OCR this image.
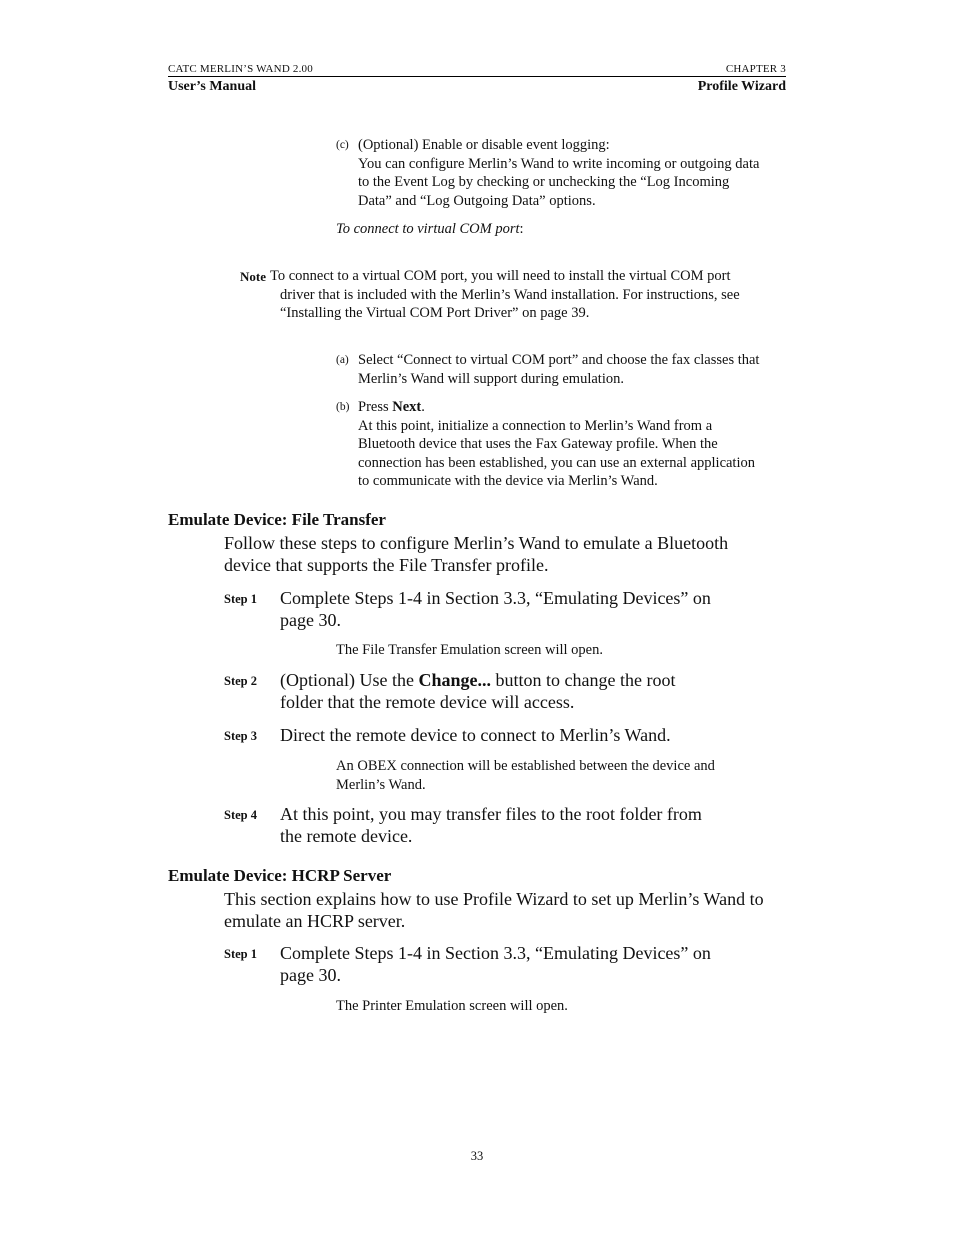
CATC MERLIN’S WAND 2.00	CHAPTER 3
User’s Manual	Profile Wizard
(c) (Optional) Enable or disable event logging:
You can configure Merlin’s Wand to write incoming or outgoing data
to the Event Log by checking or unchecking the “Log Incoming
Data” and “Log Outgoing Data” options.
To connect to virtual COM port:
Note To connect to a virtual COM port, you will need to install the virtual COM port
driver that is included with the Merlin’s Wand installation. For instructions, see
“Installing the Virtual COM Port Driver” on page 39.
(a) Select “Connect to virtual COM port” and choose the fax classes that
Merlin’s Wand will support during emulation.
(b) Press Next.
At this point, initialize a connection to Merlin’s Wand from a
Bluetooth device that uses the Fax Gateway profile. When the
connection has been established, you can use an external application
to communicate with the device via Merlin’s Wand.
Emulate Device: File Transfer
Follow these steps to configure Merlin’s Wand to emulate a Bluetooth
device that supports the File Transfer profile.
Step 1 Complete Steps 1-4 in Section 3.3, “Emulating Devices” on
page 30.
The File Transfer Emulation screen will open.
Step 2 (Optional) Use the Change... button to change the root
folder that the remote device will access.
Step 3 Direct the remote device to connect to Merlin’s Wand.
An OBEX connection will be established between the device and
Merlin’s Wand.
Step 4 At this point, you may transfer files to the root folder from
the remote device.
Emulate Device: HCRP Server
This section explains how to use Profile Wizard to set up Merlin’s Wand to
emulate an HCRP server.
Step 1 Complete Steps 1-4 in Section 3.3, “Emulating Devices” on
page 30.
The Printer Emulation screen will open.
33
